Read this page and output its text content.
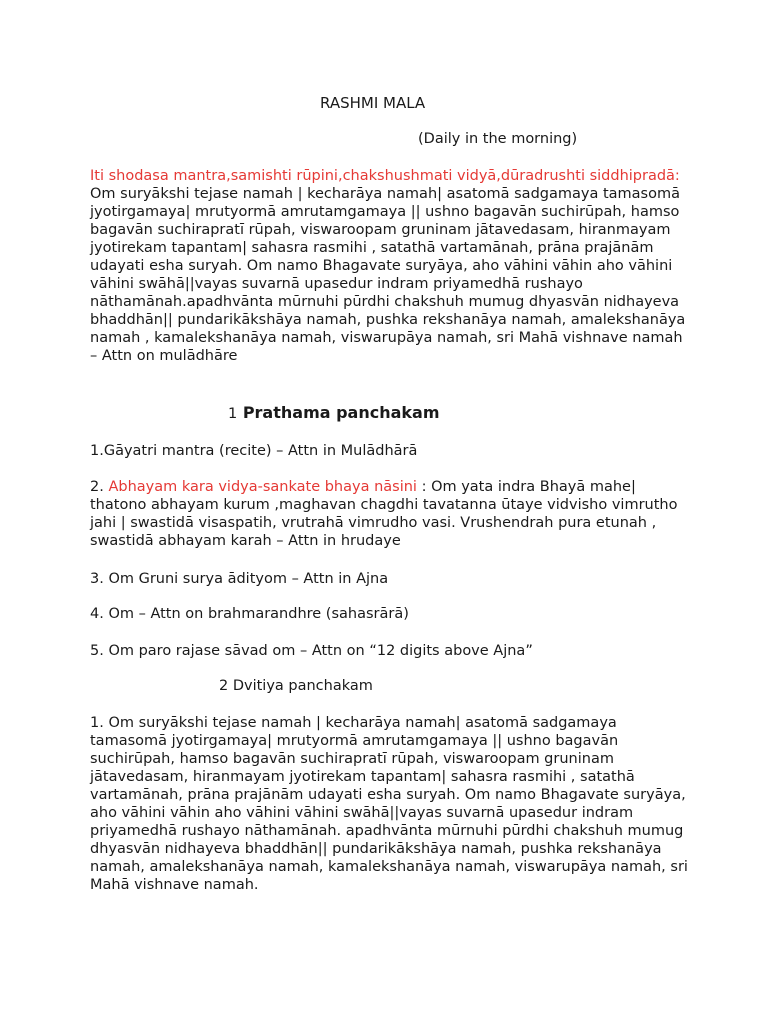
RASHMI MALA
(Daily in the morning)
Iti shodasa mantra,samishti rūpini,chakshushmati vidyā,dūradrushti siddhipradā: Om suryākshi tejase namah | kecharāya namah| asatomā sadgamaya tamasomā jyotirgamaya| mrutyormā amrutamgamaya || ushno bagavān suchirūpah, hamso bagavān suchirapratī rūpah, viswaroopam gruninam jātavedasam, hiranmayam jyotirekam tapantam| sahasra rasmihi , satathā vartamānah, prāna prajānām udayati esha suryah. Om namo Bhagavate suryāya, aho vāhini vāhin aho vāhini vāhini swāhā||vayas suvarnā upasedur indram priyamedhā rushayo nāthamānah.apadhvānta mūrnuhi pūrdhi chakshuh mumug dhyasvān nidhayeva bhaddhān|| pundarikākshāya namah, pushka rekshanāya namah, amalekshanāya namah , kamalekshanāya namah, viswarupāya namah, sri Mahā vishnave namah – Attn on mulādhāre
1 Prathama panchakam
1.Gāyatri mantra (recite) – Attn in Mulādhārā
2. Abhayam kara vidya-sankate bhaya nāsini : Om yata indra Bhayā mahe| thatono abhayam kurum ,maghavan chagdhi tavatanna ūtaye vidvisho vimrutho jahi | swastidā visaspatih, vrutrahā vimrudho vasi. Vrushendrah pura etunah , swastidā abhayam karah – Attn in hrudaye
3. Om Gruni surya ādityom – Attn in Ajna
4. Om – Attn on brahmarandhre (sahasrārā)
5. Om paro rajase sāvad om – Attn on “12 digits above Ajna”
2 Dvitiya panchakam
1. Om suryākshi tejase namah | kecharāya namah| asatomā sadgamaya tamasomā jyotirgamaya| mrutyormā amrutamgamaya || ushno bagavān suchirūpah, hamso bagavān suchirapratī rūpah, viswaroopam gruninam jātavedasam, hiranmayam jyotirekam tapantam| sahasra rasmihi , satathā vartamānah, prāna prajānām udayati esha suryah. Om namo Bhagavate suryāya, aho vāhini vāhin aho vāhini vāhini swāhā||vayas suvarnā upasedur indram priyamedhā rushayo nāthamānah. apadhvānta mūrnuhi pūrdhi chakshuh mumug dhyasvān nidhayeva bhaddhān|| pundarikākshāya namah, pushka rekshanāya namah, amalekshanāya namah, kamalekshanāya namah, viswarupāya namah, sri Mahā vishnave namah.
